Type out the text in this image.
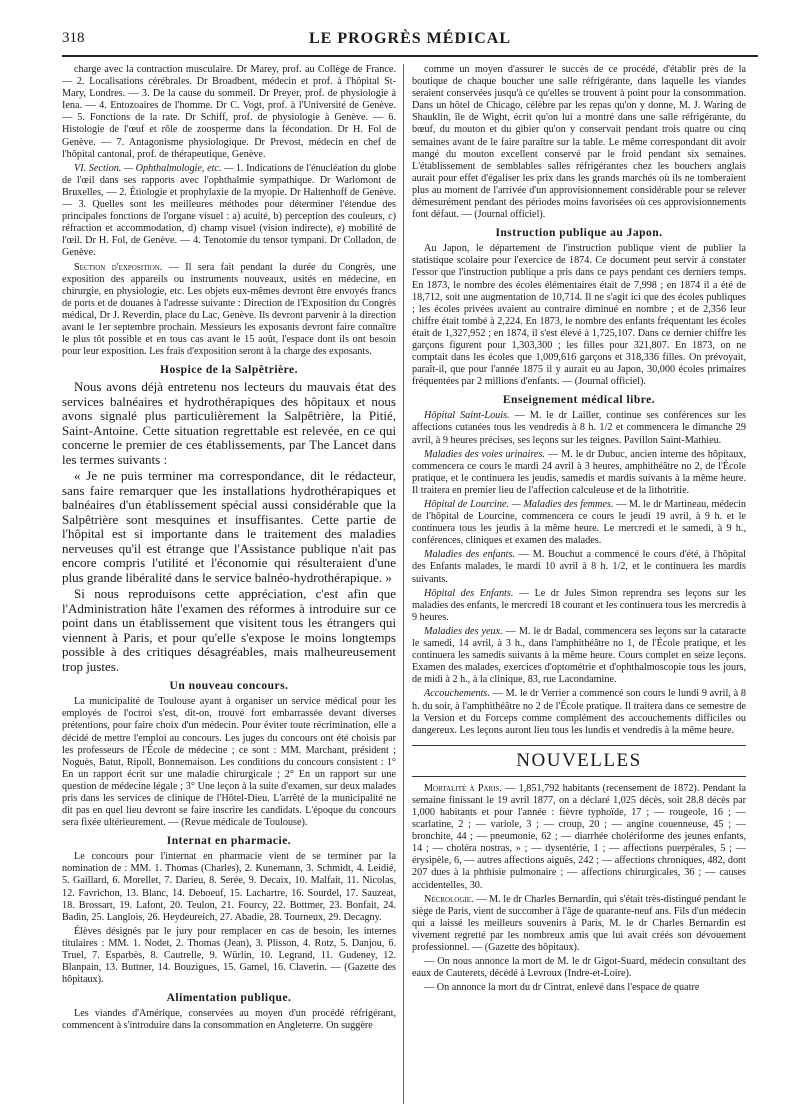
318	LE PROGRÈS MÉDICAL

charge avec la contraction musculaire. Dr Marey, prof. au Collège de France. — 2. Localisations cérébrales. Dr Broadbent, médecin et prof. à l'hôpital St-Mary, Londres. — 3. De la cause du sommeil. Dr Preyer, prof. de physiologie à Iena. — 4. Entozoaires de l'homme. Dr C. Vogt, prof. à l'Université de Genève. — 5. Fonctions de la rate. Dr Schiff, prof. de physiologie à Genève. — 6. Histologie de l'œuf et rôle de zoosperme dans la fécondation. Dr H. Fol de Genève. — 7. Antagonisme physiologique. Dr Prevost, médecin en chef de l'hôpital cantonal, prof. de thérapeutique, Genève.

VI. Section. — Ophthalmologie, etc. — 1. Indications de l'énucléation du globe de l'œil dans ses rapports avec l'ophthalmie sympathique. Dr Warlomont de Bruxelles, — 2. Étiologie et prophylaxie de la myopie. Dr Haltenhoff de Genève. — 3. Quelles sont les meilleures méthodes pour déterminer l'étendue des principales fonctions de l'organe visuel : a) acuité, b) perception des couleurs, c) réfraction et accommodation, d) champ visuel (vision indirecte), e) mobilité de l'œil. Dr H. Fol, de Genève. — 4. Tenotomie du tensor tympani. Dr Colladon, de Genève.

Section d'exposition. — Il sera fait pendant la durée du Congrès, une exposition des appareils ou instruments nouveaux, usités en médecine, en chirurgie, en physiologie, etc. Les objets eux-mêmes devront être envoyés francs de ports et de douanes à l'adresse suivante : Direction de l'Exposition du Congrès médical, Dr J. Reverdin, place du Lac, Genève. Ils devront parvenir à la direction avant le 1er septembre prochain. Messieurs les exposants devront faire connaître le plus tôt possible et en tous cas avant le 15 août, l'espace dont ils ont besoin pour leur exposition. Les frais d'exposition seront à la charge des exposants.

Hospice de la Salpêtrière.

Nous avons déjà entretenu nos lecteurs du mauvais état des services balnéaires et hydrothérapiques des hôpitaux et nous avons signalé plus particulièrement la Salpêtrière, la Pitié, Saint-Antoine. Cette situation regrettable est relevée, en ce qui concerne le premier de ces établissements, par The Lancet dans les termes suivants :

« Je ne puis terminer ma correspondance, dit le rédacteur, sans faire remarquer que les installations hydrothérapiques et balnéaires d'un établissement spécial aussi considérable que la Salpêtrière sont mesquines et insuffisantes. Cette partie de l'hôpital est si importante dans le traitement des maladies nerveuses qu'il est étrange que l'Assistance publique n'ait pas encore compris l'utilité et l'économie qui résulteraient d'une plus grande libéralité dans le service balnéo-hydrothérapique. »

Si nous reproduisons cette appréciation, c'est afin que l'Administration hâte l'examen des réformes à introduire sur ce point dans un établissement que visitent tous les étrangers qui viennent à Paris, et pour qu'elle s'expose le moins longtemps possible à des critiques désagréables, mais malheureusement trop justes.

Un nouveau concours.

La municipalité de Toulouse ayant à organiser un service médical pour les employés de l'octroi s'est, dit-on, trouvé fort embarrassée devant diverses prétentions, pour faire choix d'un médecin. Pour éviter toute récrimination, elle a décidé de mettre l'emploi au concours. Les juges du concours ont été choisis par les professeurs de l'École de médecine ; ce sont : MM. Marchant, président ; Noguès, Batut, Ripoll, Bonnemaison. Les conditions du concours consistent : 1° En un rapport écrit sur une maladie chirurgicale ; 2° En un rapport sur une question de médecine légale ; 3° Une leçon à la suite d'examen, sur deux malades pris dans les services de clinique de l'Hôtel-Dieu. L'arrêté de la municipalité ne dit pas en quel lieu devront se faire inscrire les candidats. L'époque du concours sera fixée ultérieurement. — (Revue médicale de Toulouse).

Internat en pharmacie.

Le concours pour l'internat en pharmacie vient de se terminer par la nomination de : MM. 1. Thomas (Charles), 2. Kunemann, 3. Schmidt, 4. Leidié, 5. Gaillard, 6. Morellet, 7. Darieu, 8. Serée, 9. Decaix, 10. Malfait, 11. Nicolas, 12. Favrichon, 13. Blanc, 14. Deboeuf, 15. Lachartre, 16. Sourdel, 17. Sauzeat, 18. Brossart, 19. Lafont, 20. Teulon, 21. Fourcy, 22. Bottmer, 23. Bonfait, 24. Badin, 25. Langlois, 26. Heydeureich, 27. Abadie, 28. Tourneux, 29. Decagny.

Élèves désignés par le jury pour remplacer en cas de besoin, les internes titulaires : MM. 1. Nodet, 2. Thomas (Jean), 3. Plisson, 4. Rotz, 5. Danjou, 6. Truel, 7. Esparbès, 8. Cautrelle, 9. Würlin, 10. Legrand, 11. Gudeney, 12. Blanpain, 13. Buttner, 14. Bouzigues, 15. Gamel, 16. Claverin. — (Gazette des hôpitaux).

Alimentation publique.

Les viandes d'Amérique, conservées au moyen d'un procédé réfrigérant, commencent à s'introduire dans la consommation en Angleterre. On suggère

comme un moyen d'assurer le succès de ce procédé, d'établir près de la boutique de chaque boucher une salle réfrigérante, dans laquelle les viandes seraient conservées jusqu'à ce qu'elles se trouvent à point pour la consommation. Dans un hôtel de Chicago, célèbre par les repas qu'on y donne, M. J. Waring de Shauklin, île de Wight, écrit qu'on lui a montré dans une salle réfrigérante, du bœuf, du mouton et du gibier qu'on y conservait pendant trois quatre ou cinq semaines avant de le faire paraître sur la table. Le même correspondant dit avoir mangé du mouton excellent conservé par le froid pendant six semaines. L'établissement de semblables salles réfrigérantes chez les bouchers anglais aurait pour effet d'égaliser les prix dans les grands marchés où ils ne tomberaient plus au moment de l'arrivée d'un approvisionnement considérable pour se relever démesurément pendant des périodes moins favorisées où ces approvisionnements font défaut. — (Journal officiel).

Instruction publique au Japon.

Au Japon, le département de l'instruction publique vient de publier la statistique scolaire pour l'exercice de 1874. Ce document peut servir à constater l'essor que l'instruction publique a pris dans ce pays pendant ces derniers temps. En 1873, le nombre des écoles élémentaires était de 7,998 ; en 1874 il a été de 18,712, soit une augmentation de 10,714. Il ne s'agit ici que des écoles publiques ; les écoles privées avaient au contraire diminué en nombre ; et de 2,356 leur chiffre était tombé à 2,224. En 1873, le nombre des enfants fréquentant les écoles était de 1,327,952 ; en 1874, il s'est élevé à 1,725,107. Dans ce dernier chiffre les garçons figurent pour 1,303,300 ; les filles pour 321,807. En 1873, on ne comptait dans les écoles que 1,009,616 garçons et 318,336 filles. On prévoyait, paraît-il, que pour l'année 1875 il y aurait eu au Japon, 30,000 écoles primaires fréquentées par 2 millions d'enfants. — (Journal officiel).

Enseignement médical libre.

Hôpital Saint-Louis. — M. le dr Lailler, continue ses conférences sur les affections cutanées tous les vendredis à 8 h. 1/2 et commencera le dimanche 29 avril, à 9 heures précises, ses leçons sur les teignes. Pavillon Saint-Mathieu.

Maladies des voies urinaires. — M. le dr Dubuc, ancien interne des hôpitaux, commencera ce cours le mardi 24 avril à 3 heures, amphithéâtre no 2, de l'École pratique, et le continuera les jeudis, samedis et mardis suivants à la même heure. Il traitera en premier lieu de l'affection calculeuse et de la lithotritie.

Hôpital de Lourcine. — Maladies des femmes. — M. le dr Martineau, médecin de l'hôpital de Lourcine, commencera ce cours le jeudi 19 avril, à 9 h. et le continuera tous les jeudis à la même heure. Le mercredi et le samedi, à 9 h., conférences, cliniques et examen des malades.

Maladies des enfants. — M. Bouchut a commencé le cours d'été, à l'hôpital des Enfants malades, le mardi 10 avril à 8 h. 1/2, et le continuera les mardis suivants.

Hôpital des Enfants. — Le dr Jules Simon reprendra ses leçons sur les maladies des enfants, le mercredi 18 courant et les continuera tous les mercredis à 9 heures.

Maladies des yeux. — M. le dr Badal, commencera ses leçons sur la cataracte le samedi, 14 avril, à 3 h., dans l'amphithéâtre no 1, de l'École pratique, et les continuera les samedis suivants à la même heure. Cours complet en seize leçons. Examen des malades, exercices d'optométrie et d'ophthalmoscopie tous les jours, de midi à 2 h., à la clinique, 83, rue Lacondamine.

Accouchements. — M. le dr Verrier a commencé son cours le lundi 9 avril, à 8 h. du soir, à l'amphithéâtre no 2 de l'École pratique. Il traitera dans ce semestre de la Version et du Forceps comme complément des accouchements difficiles ou dangereux. Les leçons auront lieu tous les lundis et vendredis à la même heure.

NOUVELLES

Mortalité à Paris. — 1,851,792 habitants (recensement de 1872). Pendant la semaine finissant le 19 avril 1877, on a déclaré 1,025 décès, soit 28.8 décès par 1,000 habitants et pour l'année : fièvre typhoïde, 17 ; — rougeole, 16 ; — scarlatine, 2 ; — variole, 3 ; — croup, 20 ; — angine couenneuse, 45 ; — bronchite, 44 ; — pneumonie, 62 ; — diarrhée cholériforme des jeunes enfants, 14 ; — choléra nostras, » ; — dysentérie, 1 ; — affections puerpérales, 5 ; — érysipèle, 6, — autres affections aiguës, 242 ; — affections chroniques, 482, dont 207 dues à la phthisie pulmonaire ; — affections chirurgicales, 36 ; — causes accidentelles, 30.

Nécrologie. — M. le dr Charles Bernardin, qui s'était très-distingué pendant le siège de Paris, vient de succomber à l'âge de quarante-neuf ans. Fils d'un médecin qui a laissé les meilleurs souvenirs à Paris, M. le dr Charles Bernardin est vivement regretté par les nombreux amis que lui avait créés son dévouement professionnel. — (Gazette des hôpitaux).

— On nous annonce la mort de M. le dr Gigot-Suard, médecin consultant des eaux de Cauterets, décédé à Levroux (Indre-et-Loire).

— On annonce la mort du dr Cintrat, enlevé dans l'espace de quatre
